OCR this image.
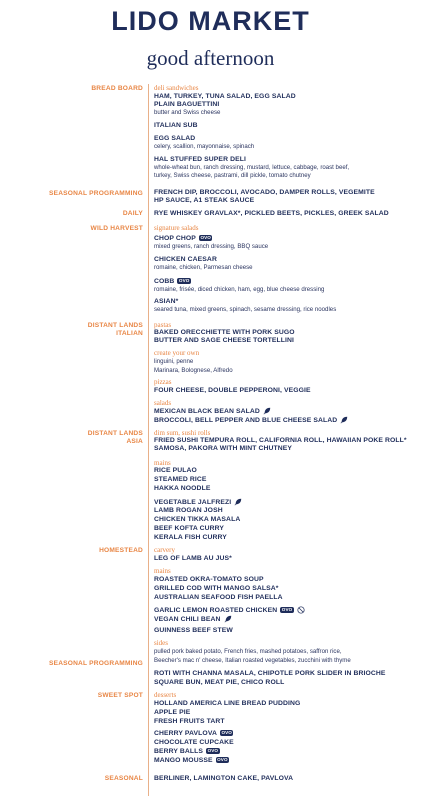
LIDO MARKET
good afternoon
BREAD BOARD
SEASONAL PROGRAMMING
DAILY
WILD HARVEST
DISTANT LANDS
ITALIAN
DISTANT LANDS
ASIA
HOMESTEAD
SEASONAL PROGRAMMING
SWEET SPOT
SEASONAL
deli sandwiches
HAM, TURKEY, TUNA SALAD, EGG SALAD
PLAIN BAGUETTINI
butter and Swiss cheese
ITALIAN SUB
EGG SALAD
celery, scallion, mayonnaise, spinach
HAL STUFFED SUPER DELI
whole-wheat bun, ranch dressing, mustard, lettuce, cabbage, roast beef,
turkey, Swiss cheese, pastrami, dill pickle, tomato chutney
FRENCH DIP, BROCCOLI, AVOCADO, DAMPER ROLLS, VEGEMITE
HP SAUCE, A1 STEAK SAUCE
RYE WHISKEY GRAVLAX*, PICKLED BEETS, PICKLES, GREEK SALAD
signature salads
CHOP CHOP OVO
mixed greens, ranch dressing, BBQ sauce
CHICKEN CAESAR
romaine, chicken, Parmesan cheese
COBB OVO
romaine, frisée, diced chicken, ham, egg, blue cheese dressing
ASIAN*
seared tuna, mixed greens, spinach, sesame dressing, rice noodles
pastas
BAKED ORECCHIETTE WITH PORK SUGO
BUTTER AND SAGE CHEESE TORTELLINI
create your own
linguini, penne
Marinara, Bolognese, Alfredo
pizzas
FOUR CHEESE, DOUBLE PEPPERONI, VEGGIE
salads
MEXICAN BLACK BEAN SALAD
BROCCOLI, BELL PEPPER AND BLUE CHEESE SALAD
dim sum, sushi rolls
FRIED SUSHI TEMPURA ROLL, CALIFORNIA ROLL, HAWAIIAN POKE ROLL*
SAMOSA, PAKORA WITH MINT CHUTNEY
mains
RICE PULAO
STEAMED RICE
HAKKA NOODLE
VEGETABLE JALFREZI
LAMB ROGAN JOSH
CHICKEN TIKKA MASALA
BEEF KOFTA CURRY
KERALA FISH CURRY
carvery
LEG OF LAMB AU JUS*
mains
ROASTED OKRA-TOMATO SOUP
GRILLED COD WITH MANGO SALSA*
AUSTRALIAN SEAFOOD FISH PAELLA
GARLIC LEMON ROASTED CHICKEN OVO
VEGAN CHILI BEAN
GUINNESS BEEF STEW
sides
pulled pork baked potato, French fries, mashed potatoes, saffron rice,
Beecher's mac n' cheese, Italian roasted vegetables, zucchini with thyme
ROTI WITH CHANNA MASALA, CHIPOTLE PORK SLIDER IN BRIOCHE
SQUARE BUN, MEAT PIE, CHICO ROLL
desserts
HOLLAND AMERICA LINE BREAD PUDDING
APPLE PIE
FRESH FRUITS TART
CHERRY PAVLOVA OVO
CHOCOLATE CUPCAKE
BERRY BALLS OVO
MANGO MOUSSE OVO
BERLINER, LAMINGTON CAKE, PAVLOVA
